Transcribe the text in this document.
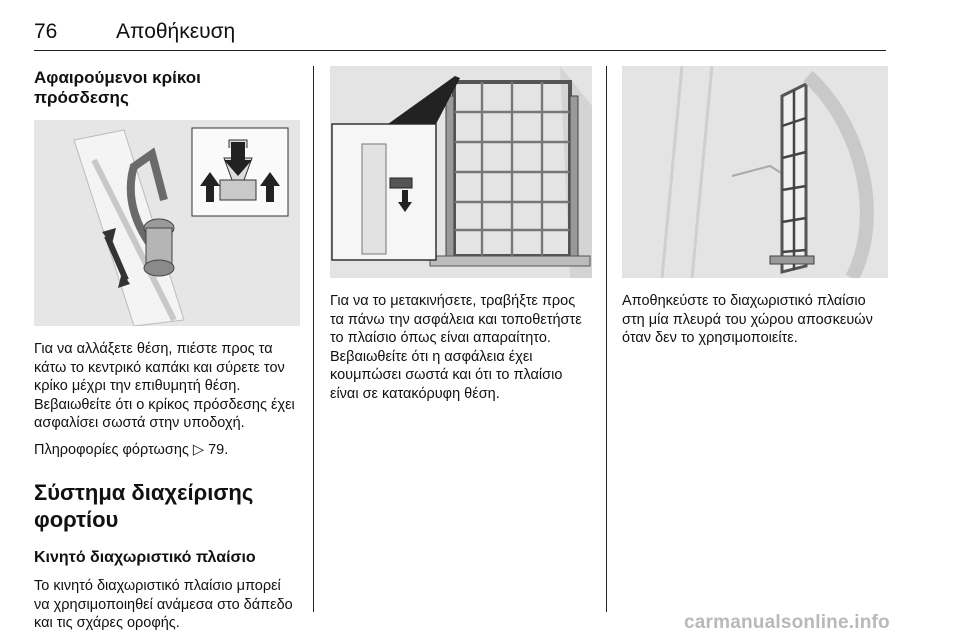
76	Αποθήκευση
Αφαιρούμενοι κρίκοι πρόσδεσης

Για να αλλάξετε θέση, πιέστε προς τα κάτω το κεντρικό καπάκι και σύρετε τον κρίκο μέχρι την επιθυμητή θέση. Βεβαιωθείτε ότι ο κρίκος πρόσδεσης έχει ασφαλίσει σωστά στην υποδοχή.

Πληροφορίες φόρτωσης ▷ 79.

Σύστημα διαχείρισης φορτίου
Κινητό διαχωριστικό πλαίσιο

Το κινητό διαχωριστικό πλαίσιο μπορεί να χρησιμοποιηθεί ανάμεσα στο δάπεδο και τις σχάρες οροφής.

Για να το μετακινήσετε, τραβήξτε προς τα πάνω την ασφάλεια και τοποθετήστε το πλαίσιο όπως είναι απαραίτητο. Βεβαιωθείτε ότι η ασφάλεια έχει κουμπώσει σωστά και ότι το πλαίσιο είναι σε κατακόρυφη θέση.

Αποθηκεύστε το διαχωριστικό πλαίσιο στη μία πλευρά του χώρου αποσκευών όταν δεν το χρησιμοποιείτε.

carmanualsonline.info
